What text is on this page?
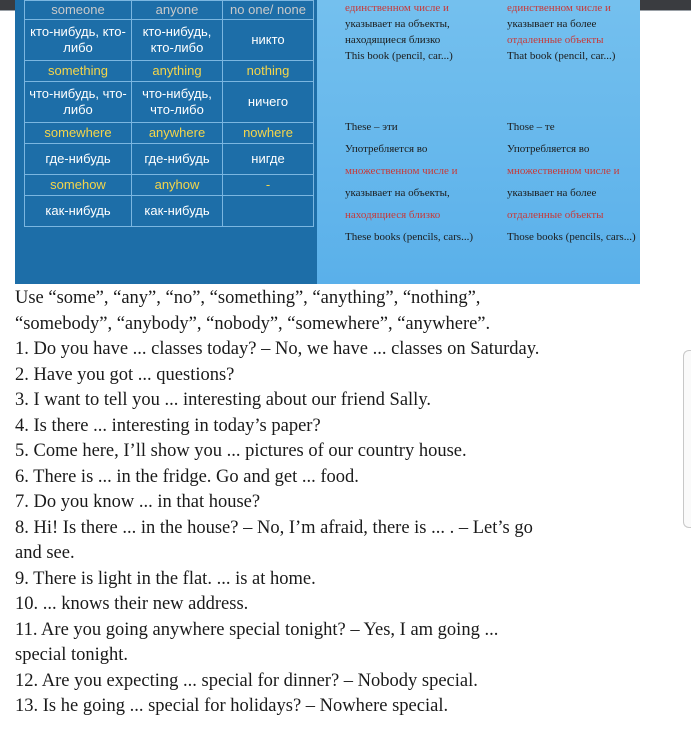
someone	anyone	no one/ none
кто-нибудь, кто-либо	кто-нибудь, кто-либо	никто
something	anything	nothing
что-нибудь, что-либо	что-нибудь, что-либо	ничего
somewhere	anywhere	nowhere
где-нибудь	где-нибудь	нигде
somehow	anyhow	-
как-нибудь	как-нибудь	
единственном числе и
указывает на объекты,
находящиеся близко
This book (pencil, car...)
единственном числе и
указывает на более
отдаленные объекты
That book (pencil, car...)
These – эти
Употребляется во
множественном числе и
указывает на объекты,
находящиеся близко
These books (pencils, cars...)
Those – те
Употребляется во
множественном числе и
указывает на более
отдаленные объекты
Those books (pencils, cars...)

Use “some”, “any”, “no”, “something”, “anything”, “nothing”,

“somebody”, “anybody”, “nobody”, “somewhere”, “anywhere”.

1. Do you have ... classes today? – No, we have ... classes on Saturday.

2. Have you got ... questions?

3. I want to tell you ... interesting about our friend Sally.

4. Is there ... interesting in today’s paper?

5. Come here, I’ll show you ... pictures of our country house.

6. There is ... in the fridge. Go and get ... food.

7. Do you know ... in that house?

8. Hi! Is there ... in the house? – No, I’m afraid, there is ... . – Let’s go

and see.

9. There is light in the flat. ... is at home.

10. ... knows their new address.

11. Are you going anywhere special tonight? – Yes, I am going ...

special tonight.

12. Are you expecting ... special for dinner? – Nobody special.

13. Is he going ... special for holidays? – Nowhere special.
